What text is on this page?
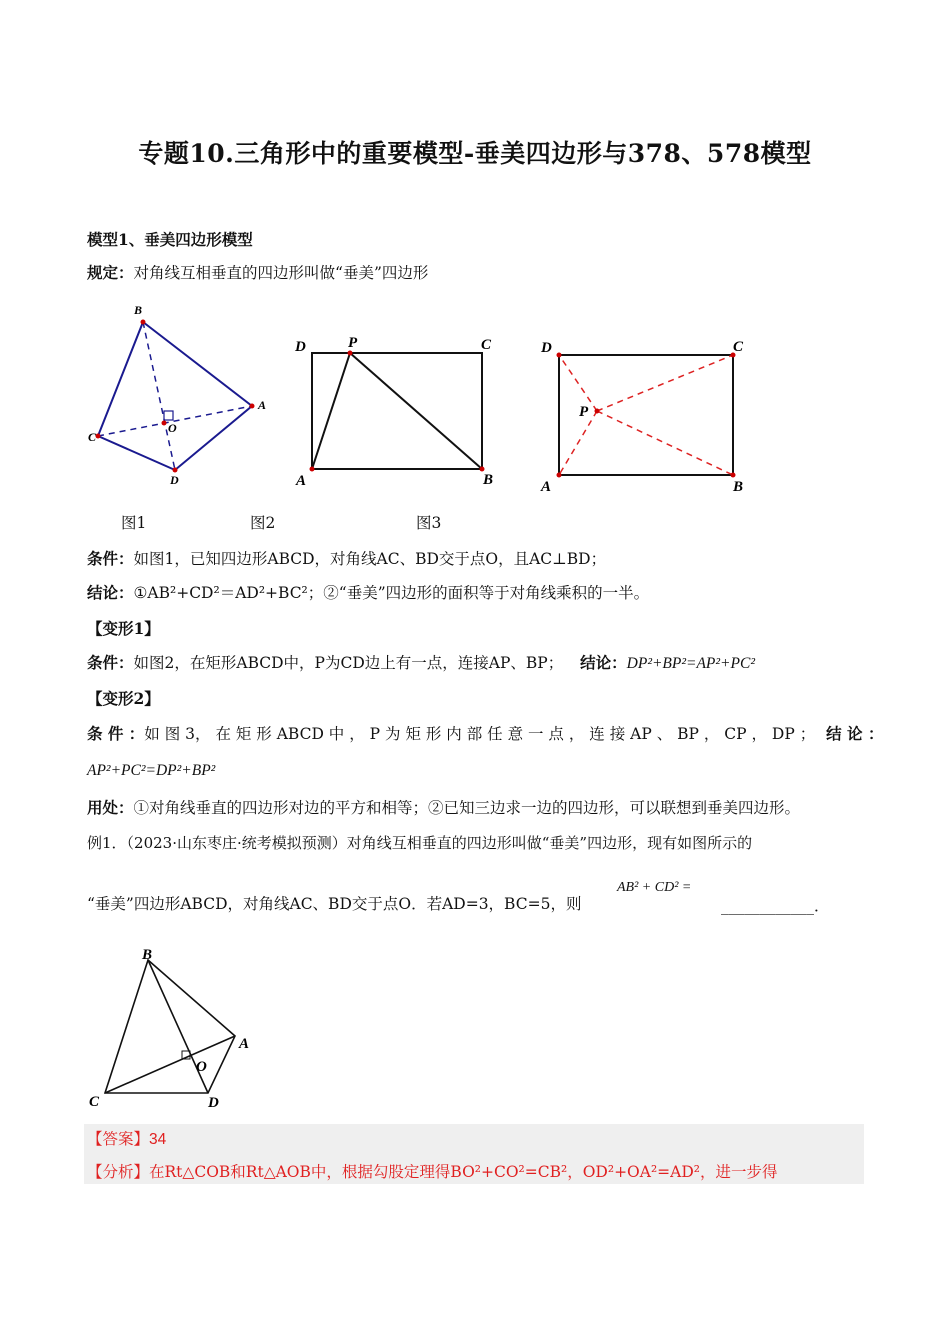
专题10.三角形中的重要模型-垂美四边形与378、578模型
模型1、垂美四边形模型
规定：对角线互相垂直的四边形叫做“垂美”四边形
B
A
C
D
O
D	P	C
A	B
D	C
P
A	B
图1	图2	图3
条件：如图1，已知四边形ABCD，对角线AC、BD交于点O，且AC⊥BD；
结论：①AB²+CD²＝AD²+BC²；②“垂美”四边形的面积等于对角线乘积的一半。
【变形1】
条件：如图2，在矩形ABCD中，P为CD边上有一点，连接AP、BP； 结论：DP²+BP²=AP²+PC²
【变形2】
条 件 ：如 图 3， 在 矩 形 ABCD 中 ， P 为 矩 形 内 部 任 意 一 点 ， 连 接 AP 、 BP ， CP ， DP ； 结 论 ：
AP²+PC²=DP²+BP²
用处：①对角线垂直的四边形对边的平方和相等；②已知三边求一边的四边形，可以联想到垂美四边形。
例1．（2023·山东枣庄·统考模拟预测）对角线互相垂直的四边形叫做“垂美”四边形，现有如图所示的
“垂美”四边形ABCD，对角线AC、BD交于点O．若AD=3，BC=5，则
AB² + CD² =
____________．
B
A
O
C	D
【答案】34
【分析】在Rt△COB和Rt△AOB中，根据勾股定理得BO²+CO²=CB²，OD²+OA²=AD²，进一步得
